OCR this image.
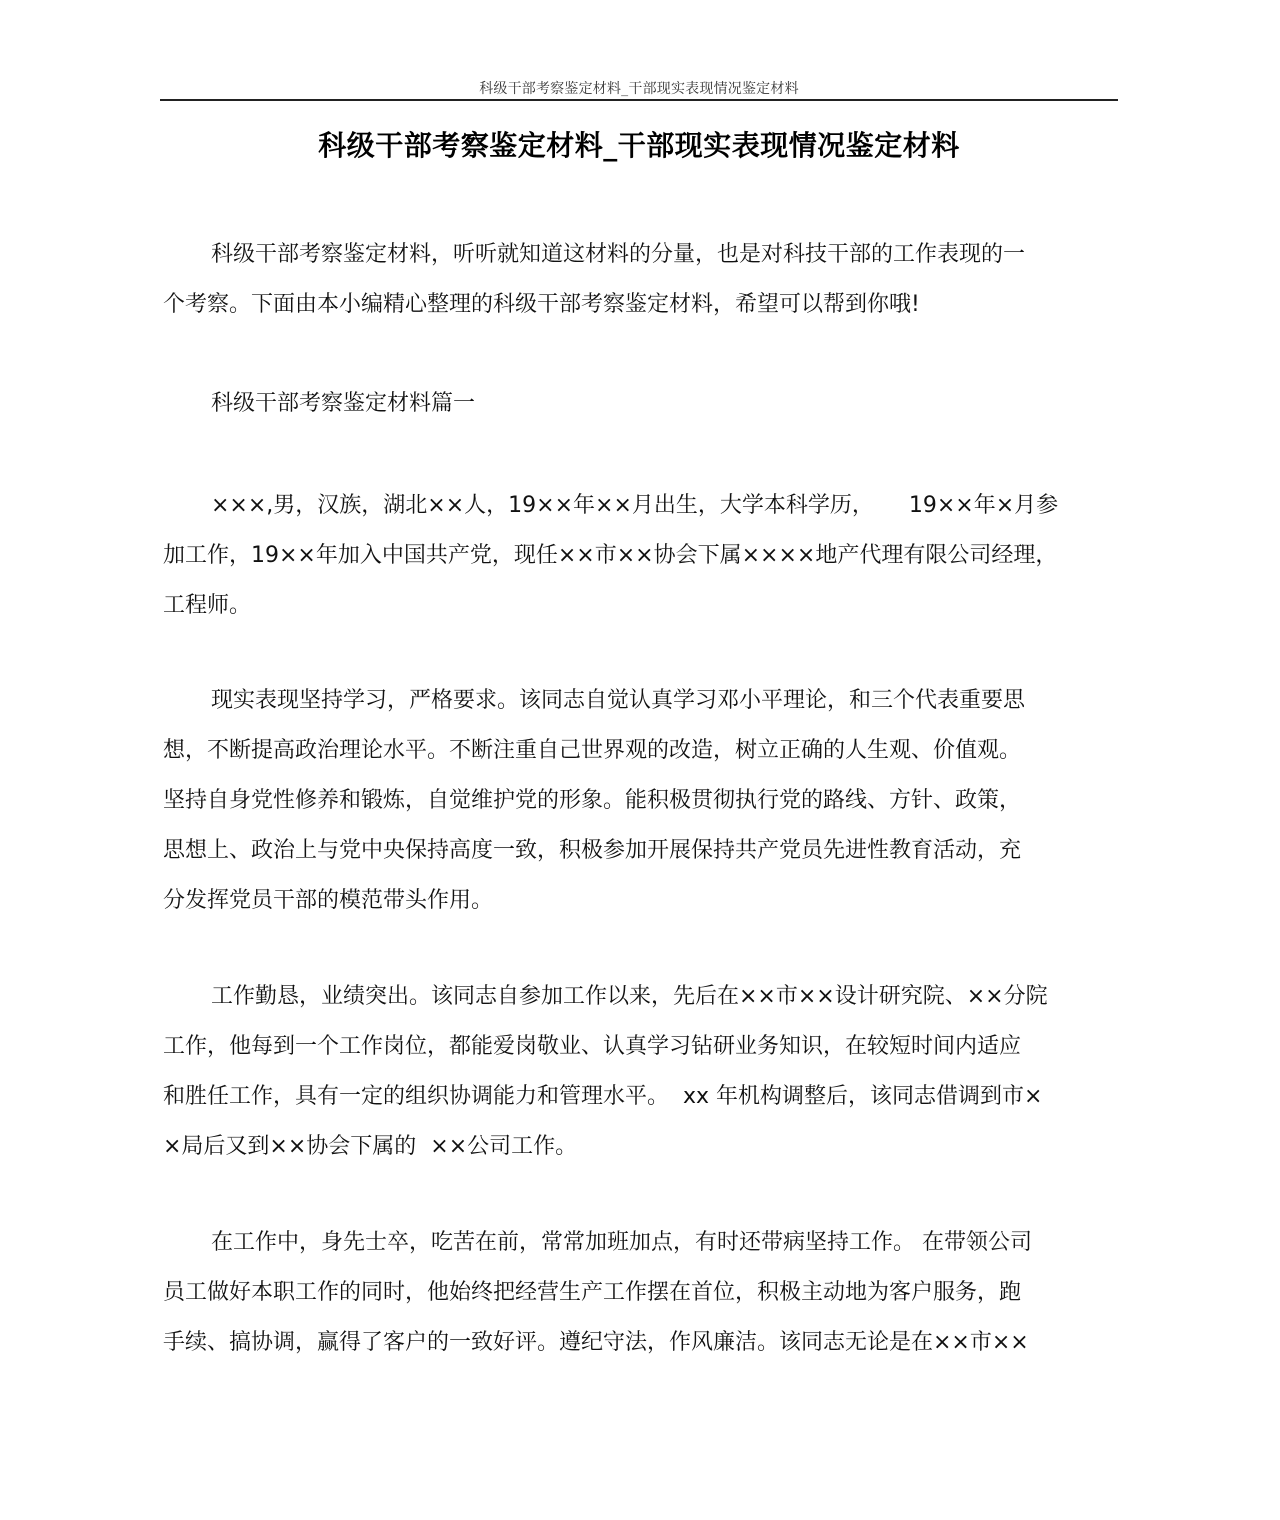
科级干部考察鉴定材料_干部现实表现情况鉴定材料
科级干部考察鉴定材料_干部现实表现情况鉴定材料

科级干部考察鉴定材料，听听就知道这材料的分量，也是对科技干部的工作表现的一
个考察。下面由本小编精心整理的科级干部考察鉴定材料，希望可以帮到你哦!

科级干部考察鉴定材料篇一

×××,男，汉族，湖北××人，19××年××月出生，大学本科学历，     19××年×月参
加工作，19××年加入中国共产党，现任××市××协会下属××××地产代理有限公司经理，
工程师。

现实表现坚持学习，严格要求。该同志自觉认真学习邓小平理论，和三个代表重要思
想，不断提高政治理论水平。不断注重自己世界观的改造，树立正确的人生观、价值观。
坚持自身党性修养和锻炼，自觉维护党的形象。能积极贯彻执行党的路线、方针、政策，
思想上、政治上与党中央保持高度一致，积极参加开展保持共产党员先进性教育活动，充
分发挥党员干部的模范带头作用。

工作勤恳，业绩突出。该同志自参加工作以来，先后在××市××设计研究院、××分院
工作，他每到一个工作岗位，都能爱岗敬业、认真学习钻研业务知识，在较短时间内适应
和胜任工作，具有一定的组织协调能力和管理水平。  xx 年机构调整后，该同志借调到市×
×局后又到××协会下属的  ××公司工作。

在工作中，身先士卒，吃苦在前，常常加班加点，有时还带病坚持工作。 在带领公司
员工做好本职工作的同时，他始终把经营生产工作摆在首位，积极主动地为客户服务，跑
手续、搞协调，赢得了客户的一致好评。遵纪守法，作风廉洁。该同志无论是在××市××
